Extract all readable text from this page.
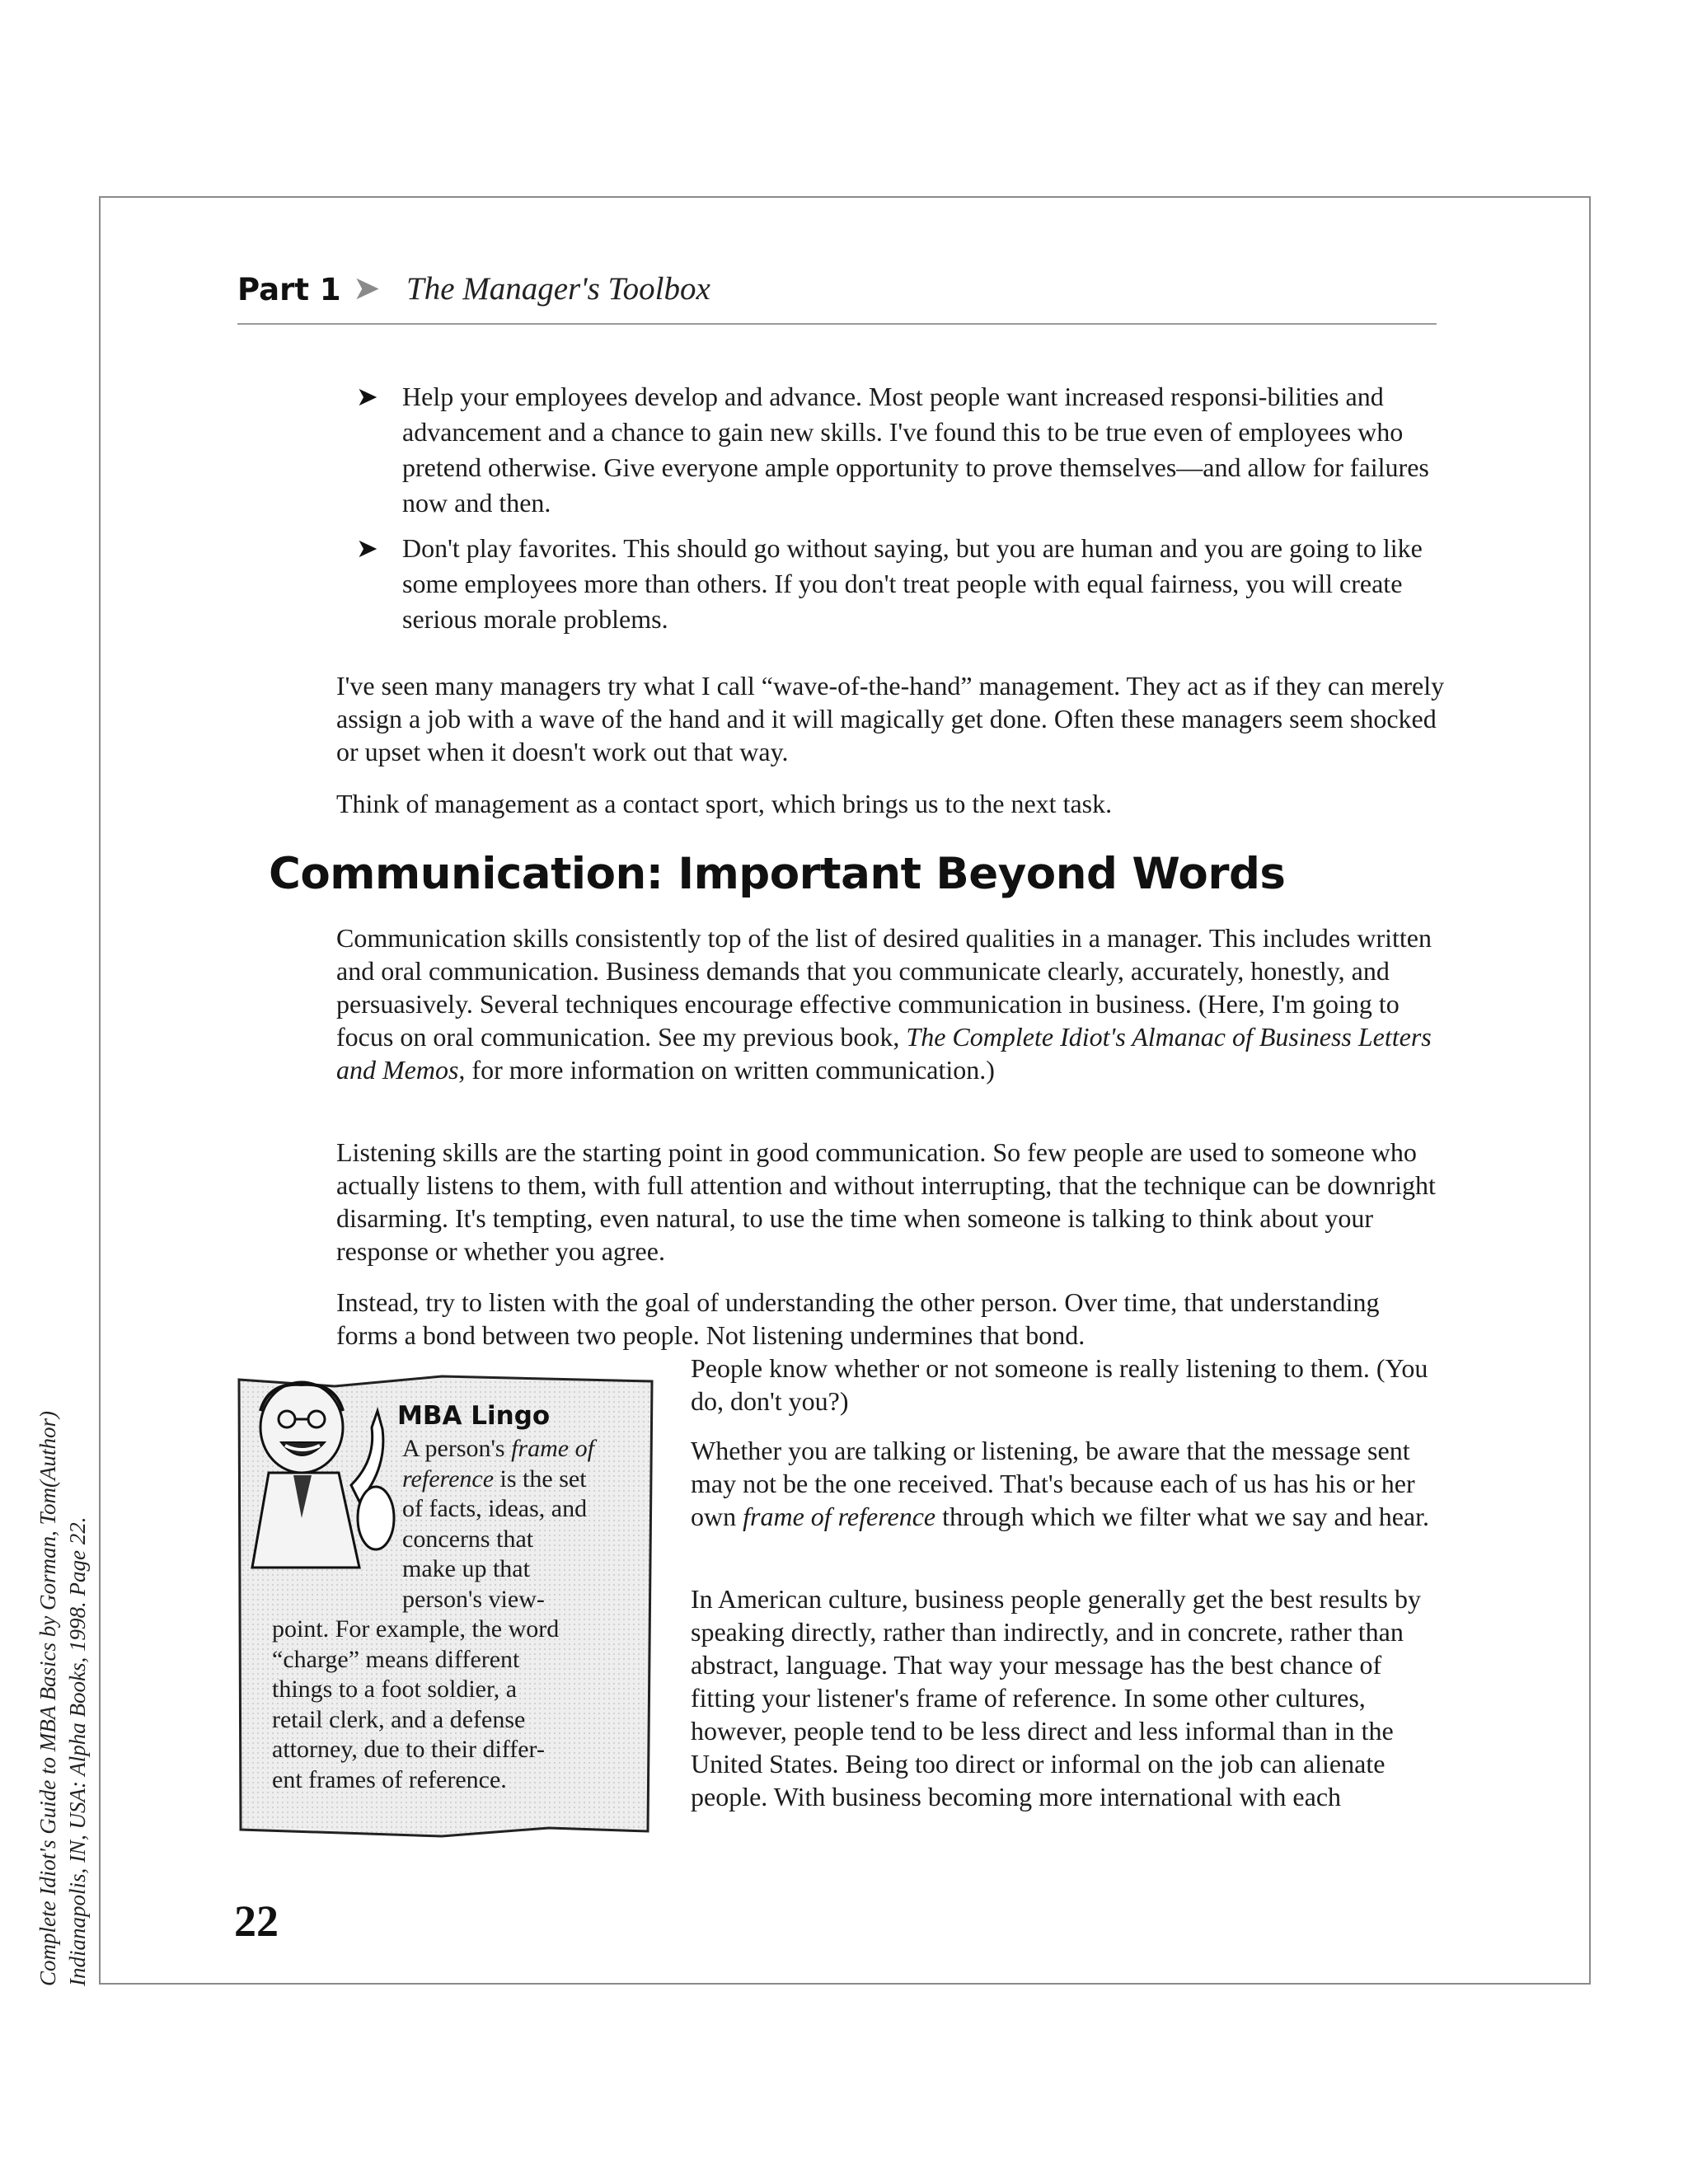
Complete Idiot's Guide to MBA Basics by Gorman, Tom(Author) Indianapolis, IN, USA: Alpha Books, 1998. Page 22.
Part 1 ➤ The Manager's Toolbox
➤ Help your employees develop and advance. Most people want increased responsi-bilities and advancement and a chance to gain new skills. I've found this to be true even of employees who pretend otherwise. Give everyone ample opportunity to prove themselves—and allow for failures now and then.
➤ Don't play favorites. This should go without saying, but you are human and you are going to like some employees more than others. If you don't treat people with equal fairness, you will create serious morale problems.

I've seen many managers try what I call “wave-of-the-hand” management. They act as if they can merely assign a job with a wave of the hand and it will magically get done. Often these managers seem shocked or upset when it doesn't work out that way.

Think of management as a contact sport, which brings us to the next task.

Communication: Important Beyond Words

Communication skills consistently top of the list of desired qualities in a manager. This includes written and oral communication. Business demands that you communicate clearly, accurately, honestly, and persuasively. Several techniques encourage effective communication in business. (Here, I'm going to focus on oral communication. See my previous book, The Complete Idiot's Almanac of Business Letters and Memos, for more information on written communication.)

Listening skills are the starting point in good communication. So few people are used to someone who actually listens to them, with full attention and without interrupting, that the technique can be downright disarming. It's tempting, even natural, to use the time when someone is talking to think about your response or whether you agree.

Instead, try to listen with the goal of understanding the other person. Over time, that understanding forms a bond between two people. Not listening undermines that bond.

People know whether or not someone is really listening to them. (You do, don't you?)

Whether you are talking or listening, be aware that the message sent may not be the one received. That's because each of us has his or her own frame of reference through which we filter what we say and hear.

In American culture, business people generally get the best results by speaking directly, rather than indirectly, and in concrete, rather than abstract, language. That way your message has the best chance of fitting your listener's frame of reference. In some other cultures, however, people tend to be less direct and less informal than in the United States. Being too direct or informal on the job can alienate people. With business becoming more international with each

MBA Lingo
A person's frame of
reference is the set
of facts, ideas, and
concerns that
make up that
person's view-
point. For example, the word
“charge” means different
things to a foot soldier, a
retail clerk, and a defense
attorney, due to their differ-
ent frames of reference.
22
